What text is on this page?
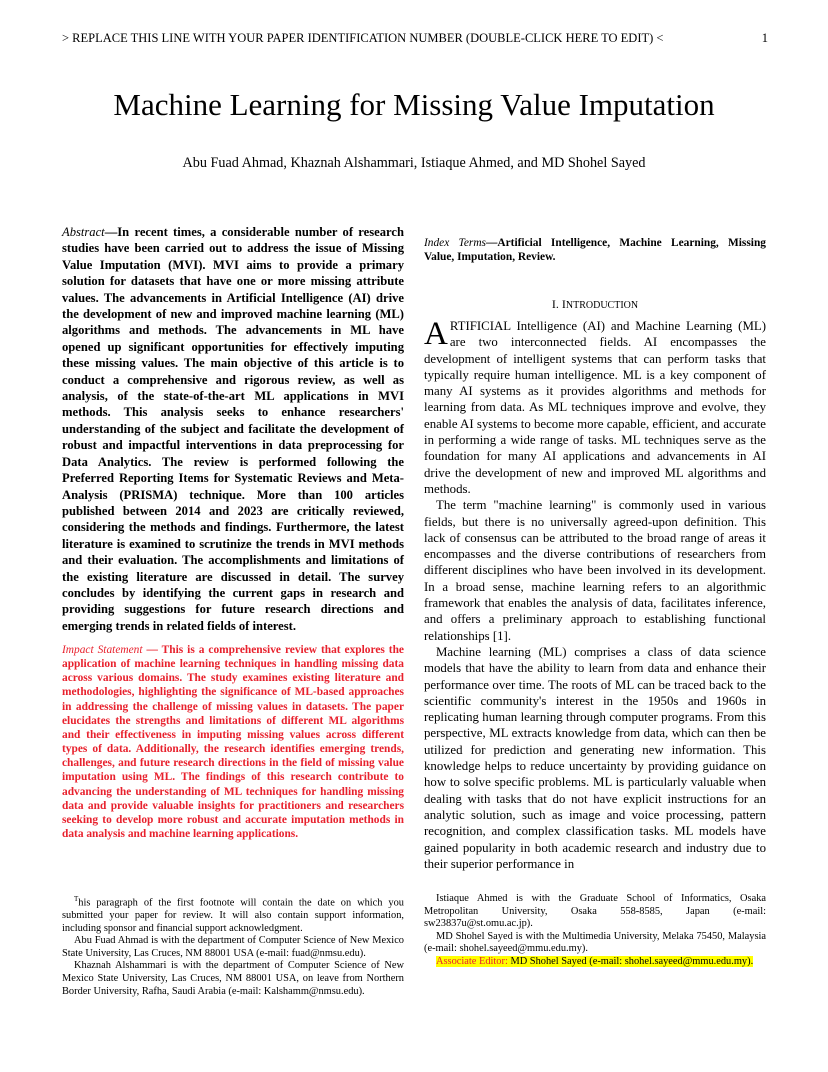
> REPLACE THIS LINE WITH YOUR PAPER IDENTIFICATION NUMBER (DOUBLE-CLICK HERE TO EDIT) <	1
Machine Learning for Missing Value Imputation
Abu Fuad Ahmad, Khaznah Alshammari, Istiaque Ahmed, and MD Shohel Sayed
Abstract—In recent times, a considerable number of research studies have been carried out to address the issue of Missing Value Imputation (MVI). MVI aims to provide a primary solution for datasets that have one or more missing attribute values. The advancements in Artificial Intelligence (AI) drive the development of new and improved machine learning (ML) algorithms and methods. The advancements in ML have opened up significant opportunities for effectively imputing these missing values. The main objective of this article is to conduct a comprehensive and rigorous review, as well as analysis, of the state-of-the-art ML applications in MVI methods. This analysis seeks to enhance researchers' understanding of the subject and facilitate the development of robust and impactful interventions in data preprocessing for Data Analytics. The review is performed following the Preferred Reporting Items for Systematic Reviews and Meta-Analysis (PRISMA) technique. More than 100 articles published between 2014 and 2023 are critically reviewed, considering the methods and findings. Furthermore, the latest literature is examined to scrutinize the trends in MVI methods and their evaluation. The accomplishments and limitations of the existing literature are discussed in detail. The survey concludes by identifying the current gaps in research and providing suggestions for future research directions and emerging trends in related fields of interest.
Impact Statement — This is a comprehensive review that explores the application of machine learning techniques in handling missing data across various domains. The study examines existing literature and methodologies, highlighting the significance of ML-based approaches in addressing the challenge of missing values in datasets. The paper elucidates the strengths and limitations of different ML algorithms and their effectiveness in imputing missing values across different types of data. Additionally, the research identifies emerging trends, challenges, and future research directions in the field of missing value imputation using ML. The findings of this research contribute to advancing the understanding of ML techniques for handling missing data and provide valuable insights for practitioners and researchers seeking to develop more robust and accurate imputation methods in data analysis and machine learning applications.

$^T$his paragraph of the first footnote will contain the date on which you submitted your paper for review. It will also contain support information, including sponsor and financial support acknowledgment.

Abu Fuad Ahmad is with the department of Computer Science of New Mexico State University, Las Cruces, NM 88001 USA (e-mail: fuad@nmsu.edu).

Khaznah Alshammari is with the department of Computer Science of New Mexico State University, Las Cruces, NM 88001 USA, on leave from Northern Border University, Rafha, Saudi Arabia (e-mail: Kalshamm@nmsu.edu).

Index Terms—Artificial Intelligence, Machine Learning, Missing Value, Imputation, Review.
I. INTRODUCTION

ARTIFICIAL Intelligence (AI) and Machine Learning (ML) are two interconnected fields. AI encompasses the development of intelligent systems that can perform tasks that typically require human intelligence. ML is a key component of many AI systems as it provides algorithms and methods for learning from data. As ML techniques improve and evolve, they enable AI systems to become more capable, efficient, and accurate in performing a wide range of tasks. ML techniques serve as the foundation for many AI applications and advancements in AI drive the development of new and improved ML algorithms and methods.

The term "machine learning" is commonly used in various fields, but there is no universally agreed-upon definition. This lack of consensus can be attributed to the broad range of areas it encompasses and the diverse contributions of researchers from different disciplines who have been involved in its development. In a broad sense, machine learning refers to an algorithmic framework that enables the analysis of data, facilitates inference, and offers a preliminary approach to establishing functional relationships [1].

Machine learning (ML) comprises a class of data science models that have the ability to learn from data and enhance their performance over time. The roots of ML can be traced back to the scientific community's interest in the 1950s and 1960s in replicating human learning through computer programs. From this perspective, ML extracts knowledge from data, which can then be utilized for prediction and generating new information. This knowledge helps to reduce uncertainty by providing guidance on how to solve specific problems. ML is particularly valuable when dealing with tasks that do not have explicit instructions for an analytic solution, such as image and voice processing, pattern recognition, and complex classification tasks. ML models have gained popularity in both academic research and industry due to their superior performance in

Istiaque Ahmed is with the Graduate School of Informatics, Osaka Metropolitan University, Osaka 558-8585, Japan (e-mail: sw23837u@st.omu.ac.jp).

MD Shohel Sayed is with the Multimedia University, Melaka 75450, Malaysia (e-mail: shohel.sayeed@mmu.edu.my).

Associate Editor: MD Shohel Sayed (e-mail: shohel.sayeed@mmu.edu.my).
